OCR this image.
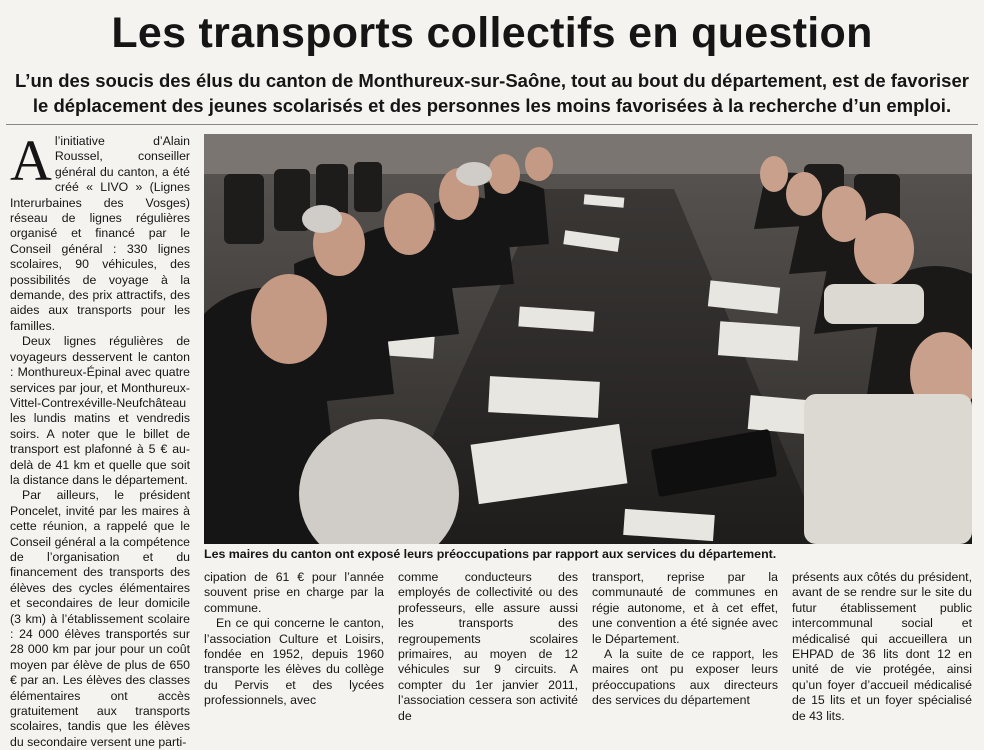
Les transports collectifs en question

L’un des soucis des élus du canton de Monthureux-sur-Saône, tout au bout du département, est de favoriser le déplacement des jeunes scolarisés et des personnes les moins favorisées à la recherche d’un emploi.

Al’initiative d’Alain Roussel, conseiller général du canton, a été créé « LIVO » (Lignes Interurbaines des Vosges) réseau de lignes régulières organisé et financé par le Conseil général : 330 lignes scolaires, 90 véhicules, des possibilités de voyage à la demande, des prix attractifs, des aides aux transports pour les familles.

Deux lignes régulières de voyageurs desservent le canton : Monthureux-Épinal avec quatre services par jour, et Monthureux-Vittel-Contrexéville-Neufchâteau les lundis matins et vendredis soirs. A noter que le billet de transport est plafonné à 5 € au-delà de 41 km et quelle que soit la distance dans le département.

Par ailleurs, le président Poncelet, invité par les maires à cette réunion, a rappelé que le Conseil général a la compétence de l’organisation et du financement des transports des élèves des cycles élémentaires et secondaires de leur domicile (3 km) à l’établissement scolaire : 24 000 élèves transportés sur 28 000 km par jour pour un coût moyen par élève de plus de 650 € par an. Les élèves des classes élémentaires ont accès gratuitement aux transports scolaires, tandis que les élèves du secondaire versent une parti-

Les maires du canton ont exposé leurs préoccupations par rapport aux services du département.

cipation de 61 € pour l’année souvent prise en charge par la commune.

En ce qui concerne le canton, l’association Culture et Loisirs, fondée en 1952, depuis 1960 transporte les élèves du collège du Pervis et des lycées professionnels, avec

comme conducteurs des employés de collectivité ou des professeurs, elle assure aussi les transports des regroupements scolaires primaires, au moyen de 12 véhicules sur 9 circuits. A compter du 1er janvier 2011, l’association cessera son activité de

transport, reprise par la communauté de communes en régie autonome, et à cet effet, une convention a été signée avec le Département.

A la suite de ce rapport, les maires ont pu exposer leurs préoccupations aux directeurs des services du département

présents aux côtés du président, avant de se rendre sur le site du futur établissement public intercommunal social et médicalisé qui accueillera un EHPAD de 36 lits dont 12 en unité de vie protégée, ainsi qu’un foyer d’accueil médicalisé de 15 lits et un foyer spécialisé de 43 lits.
